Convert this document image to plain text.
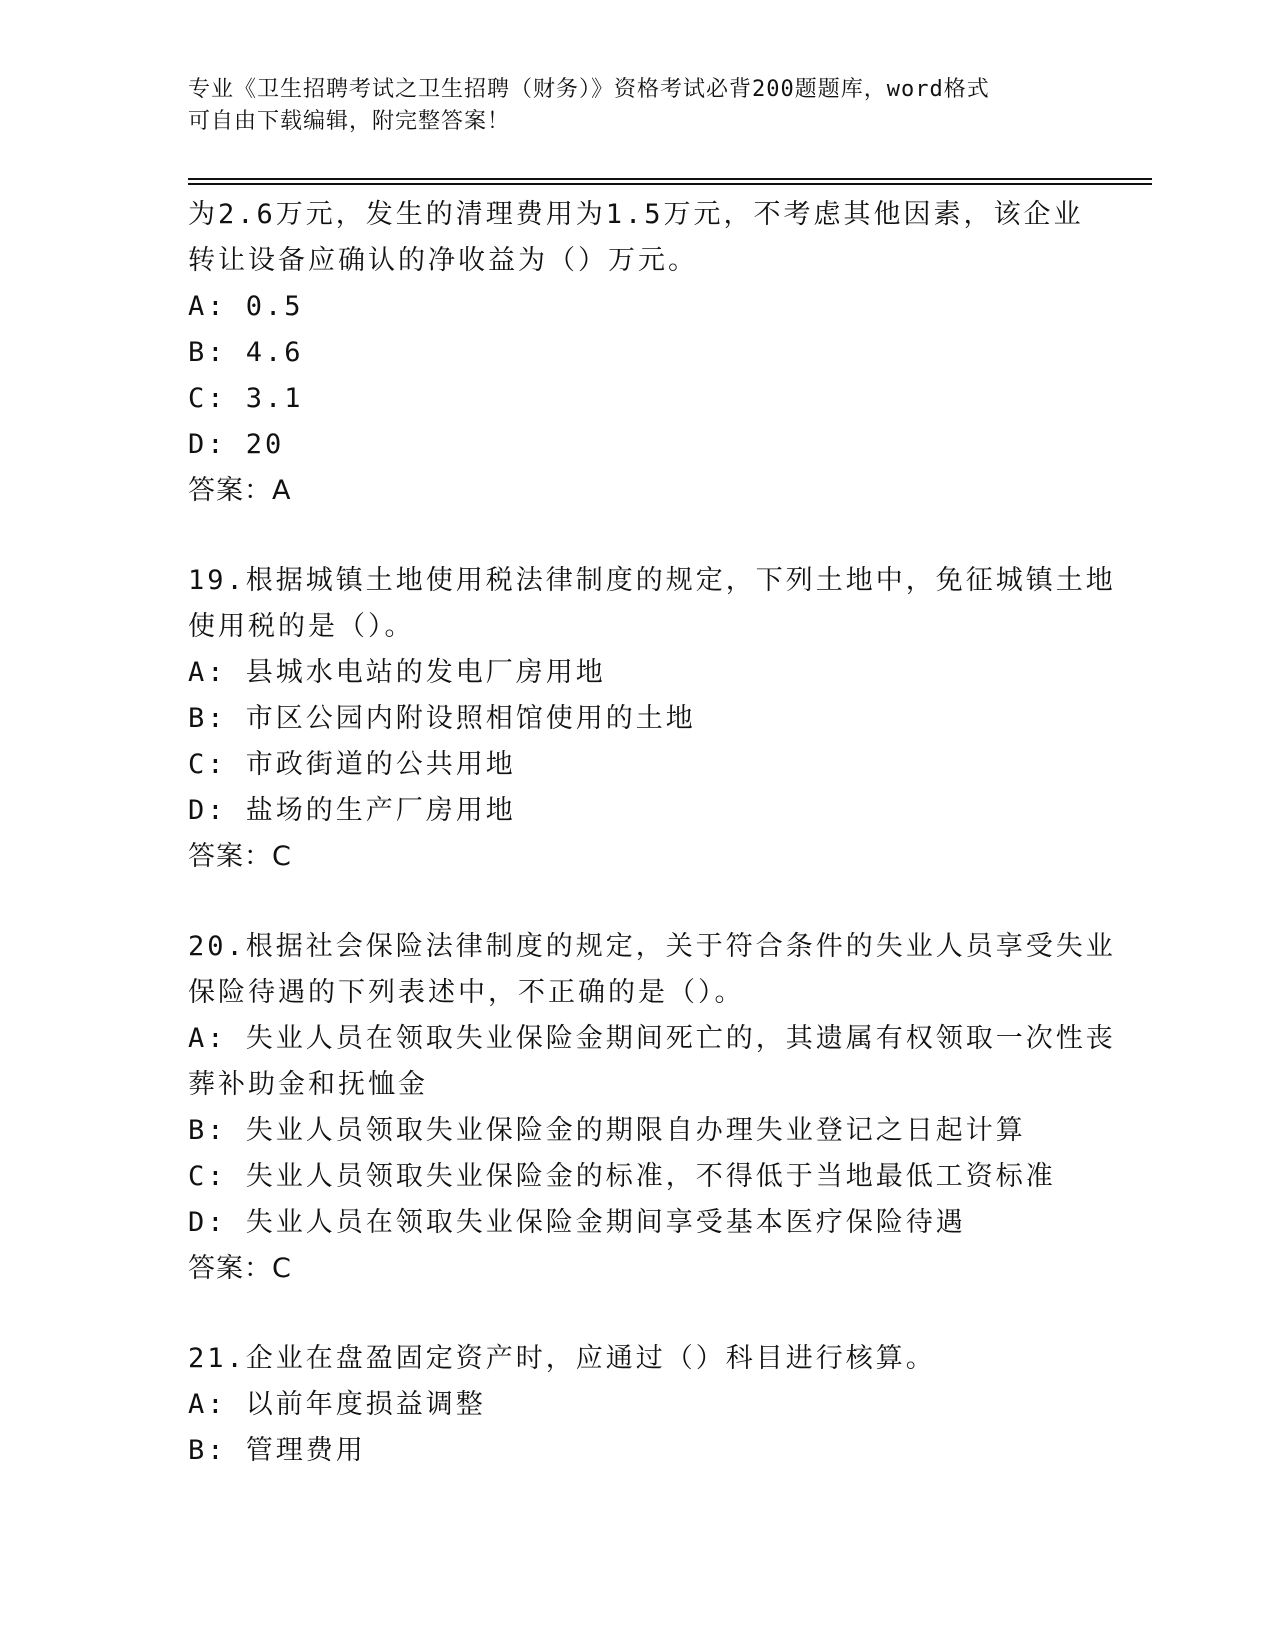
专业《卫生招聘考试之卫生招聘（财务）》资格考试必背200题题库，word格式
可自由下载编辑，附完整答案！
为2.6万元，发生的清理费用为1.5万元，不考虑其他因素，该企业
转让设备应确认的净收益为（）万元。
A: 0.5
B: 4.6
C: 3.1
D: 20
答案：A
19.根据城镇土地使用税法律制度的规定，下列土地中，免征城镇土地
使用税的是（）。
A: 县城水电站的发电厂房用地
B: 市区公园内附设照相馆使用的土地
C: 市政街道的公共用地
D: 盐场的生产厂房用地
答案：C
20.根据社会保险法律制度的规定，关于符合条件的失业人员享受失业
保险待遇的下列表述中，不正确的是（）。
A: 失业人员在领取失业保险金期间死亡的，其遗属有权领取一次性丧
葬补助金和抚恤金
B: 失业人员领取失业保险金的期限自办理失业登记之日起计算
C: 失业人员领取失业保险金的标准，不得低于当地最低工资标准
D: 失业人员在领取失业保险金期间享受基本医疗保险待遇
答案：C
21.企业在盘盈固定资产时，应通过（）科目进行核算。
A: 以前年度损益调整
B: 管理费用
